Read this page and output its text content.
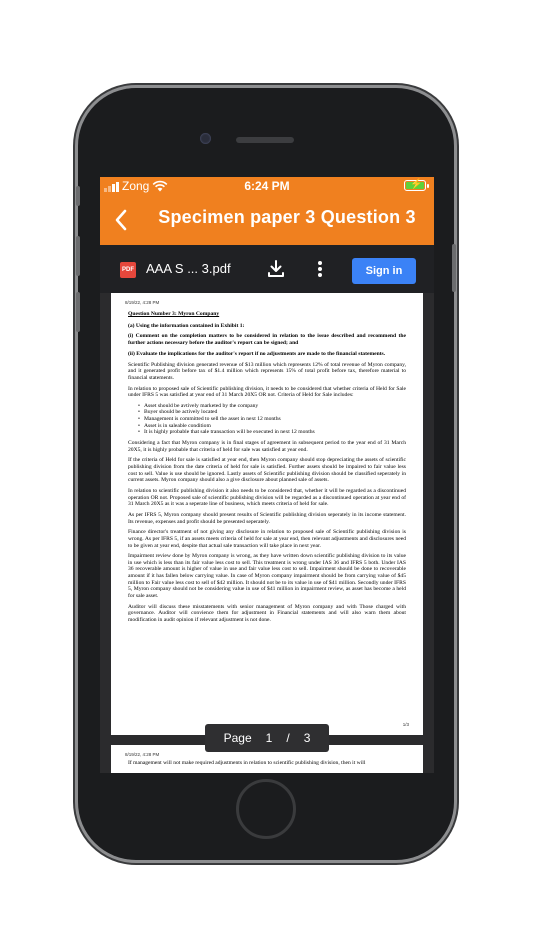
Zong	6:24 PM	⚡
Specimen paper 3 Question 3
PDF AAA S ... 3.pdf	Sign in
8/19/22, 4:28 PM

Question Number 3: Myron Company

(a) Using the information contained in Exhibit 1:

(i) Comment on the completion matters to be considered in relation to the issue described and recommend the further actions necessary before the auditor's report can be signed; and

(ii) Evaluate the implications for the auditor's report if no adjustments are made to the financial statements.

Scientific Publishing division generated revenue of $13 million which represents 12% of total revenue of Myron company, and it generated profit before tax of $1.4 million which represents 15% of total profit before tax, therefore material to financial statements.

In relation to proposed sale of Scientific publishing division, it needs to be considered that whether criteria of Held for Sale under IFRS 5 was satisfied at year end of 31 March 20X5 OR not. Criteria of Held for Sale includes:

• Asset should be avtively marketed by the company
• Buyer should be actively located
• Management is committed to sell the asset in next 12 months
• Asset is in saleable conditiom
• It is highly probable that sale transaction will be executed in next 12 months

Considering a fact that Myron company is in final stages of agreement in subsequent period to the year end of 31 March 20X5, it is highly probable that criteria of held for sale was satisfied at year end.

If the criteria of Held for sale is satisfied at year end, then Myron company should stop depreciating the assets of scientific publishing division from the date criteria of held for sale is satisfied. Further assets should be impaired to fair value less cost to sell. Value is use should be ignored. Lastly assets of Scientific publishing division should be classified seperately in current assets. Myron company should also a give disclosure about planned sale of assets.

In relation to scientific publishing division it also needs to be considered that, whether it will be regarded as a discontinued operation OR not. Proposed sale of scientific publishing division will be regarded as a discontinued operation at year end of 31 March 20X5 as it was a seperate line of business, which meets criteria of held for sale.

As per IFRS 5, Myron company should present results of Scientific publishing division seperately in its income statement. Its revenue, expenses and profit should be presented seperately.

Finance director's treatment of not giving any disclosure in relation to proposed sale of Scientific publishing division is wrong. As per IFRS 5, if an assets meets criteria of held for sale at year end, then relevant adjustments and disclosures need to be given at year end, despite that actual sale transaction will take place in next year.

Impairment review done by Myron company is wrong, as they have written down scientific publishing division to its value in use which is less than its fair value less cost to sell. This treatment is wrong under IAS 36 and IFRS 5 both. Under IAS 36 recoverable amount is higher of value in use and fair value less cost to sell. Impairment should be done to recoverable amount if it has fallen below carrying value. In case of Myron company impairment should be from carrying value of $45 million to Fair value less cost to sell of $42 million. It should not be to its value in use of $41 million. Secondly under IFRS 5, Myron company should not be considering value in use of $41 million in impairment review, as asset has become a held for sale asset.

Auditor will discuss these misstatements with senior management of Myron company and with Those charged with governance. Auditor will convience them for adjustment in Financial statements and will also warn them about modification in audit opinion if relevant adjustment is not done.

1/3
8/19/22, 4:28 PM

If management will not make required adjustments in relation to scientific publishing division, then it will

Page 1 / 3
